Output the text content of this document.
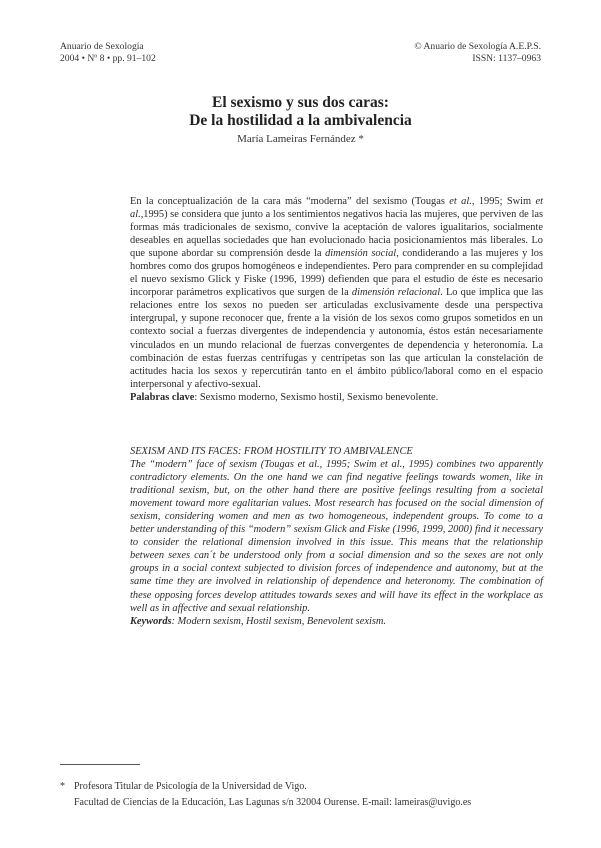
Anuario de Sexología
2004 • Nº 8 • pp. 91–102
© Anuario de Sexología A.E.P.S.
ISSN: 1137–0963
El sexismo y sus dos caras:
De la hostilidad a la ambivalencia
María Lameiras Fernández *

En la conceptualización de la cara más “moderna” del sexismo (Tougas et al., 1995; Swim et al.,1995) se considera que junto a los sentimientos negativos hacia las mujeres, que perviven de las formas más tradicionales de sexismo, convive la aceptación de valores igualitarios, socialmente deseables en aquellas sociedades que han evolucionado hacia posicionamientos más liberales. Lo que supone abordar su comprensión desde la dimensión social, condiderando a las mujeres y los hombres como dos grupos homogéneos e independientes. Pero para comprender en su complejidad el nuevo sexismo Glick y Fiske (1996, 1999) defienden que para el estudio de éste es necesario incorporar parámetros explicativos que surgen de la dimensión relacional. Lo que implica que las relaciones entre los sexos no pueden ser articuladas exclusivamente desde una perspectiva intergrupal, y supone reconocer que, frente a la visión de los sexos como grupos sometidos en un contexto social a fuerzas divergentes de independencia y autonomía, éstos están necesariamente vinculados en un mundo relacional de fuerzas convergentes de dependencia y heteronomía. La combinación de estas fuerzas centrífugas y centrípetas son las que articulan la constelación de actitudes hacia los sexos y repercutirán tanto en el ámbito público/laboral como en el espacio interpersonal y afectivo-sexual.

Palabras clave: Sexismo moderno, Sexismo hostil, Sexismo benevolente.

SEXISM AND ITS FACES: FROM HOSTILITY TO AMBIVALENCE

The “modern” face of sexism (Tougas et al., 1995; Swim et al., 1995) combines two apparently contradictory elements. On the one hand we can find negative feelings towards women, like in traditional sexism, but, on the other hand there are positive feelings resulting from a societal movement toward more egalitarian values. Most research has focused on the social dimension of sexism, considering women and men as two homogeneous, independent groups. To come to a better understanding of this “modern” sexism Glick and Fiske (1996, 1999, 2000) find it necessary to consider the relational dimension involved in this issue. This means that the relationship between sexes can´t be understood only from a social dimension and so the sexes are not only groups in a social context subjected to division forces of independence and autonomy, but at the same time they are involved in relationship of dependence and heteronomy. The combination of these opposing forces develop attitudes towards sexes and will have its effect in the workplace as well as in affective and sexual relationship.

Keywords: Modern sexism, Hostil sexism, Benevolent sexism.

* Profesora Titular de Psicología de la Universidad de Vigo.
Facultad de Ciencias de la Educación, Las Lagunas s/n 32004 Ourense. E-mail: lameiras@uvigo.es
